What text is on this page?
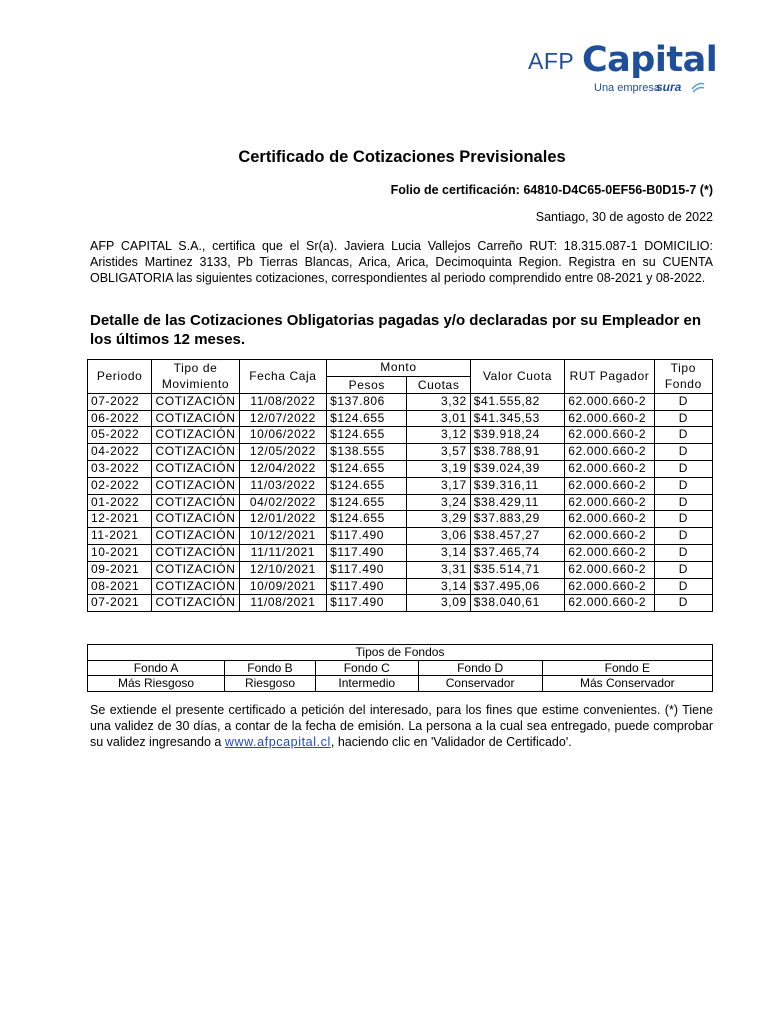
AFP Capital
Una empresa
sura
Certificado de Cotizaciones Previsionales
Folio de certificación: 64810-D4C65-0EF56-B0D15-7 (*)
Santiago, 30 de agosto de 2022
AFP CAPITAL S.A., certifica que el Sr(a). Javiera Lucia Vallejos Carreño RUT: 18.315.087-1 DOMICILIO: Aristides Martinez 3133, Pb Tierras Blancas, Arica, Arica, Decimoquinta Region. Registra en su CUENTA OBLIGATORIA las siguientes cotizaciones, correspondientes al periodo comprendido entre 08-2021 y 08-2022.
Detalle de las Cotizaciones Obligatorias pagadas y/o declaradas por su Empleador en los últimos 12 meses.
Periodo	Tipo de Movimiento	Fecha Caja	Monto		Valor Cuota	RUT Pagador	Tipo Fondo
			Pesos	Cuotas			
07-2022	COTIZACIÓN	11/08/2022	$137.806	3,32	$41.555,82	62.000.660-2	D
06-2022	COTIZACIÓN	12/07/2022	$124.655	3,01	$41.345,53	62.000.660-2	D
05-2022	COTIZACIÓN	10/06/2022	$124.655	3,12	$39.918,24	62.000.660-2	D
04-2022	COTIZACIÓN	12/05/2022	$138.555	3,57	$38.788,91	62.000.660-2	D
03-2022	COTIZACIÓN	12/04/2022	$124.655	3,19	$39.024,39	62.000.660-2	D
02-2022	COTIZACIÓN	11/03/2022	$124.655	3,17	$39.316,11	62.000.660-2	D
01-2022	COTIZACIÓN	04/02/2022	$124.655	3,24	$38.429,11	62.000.660-2	D
12-2021	COTIZACIÓN	12/01/2022	$124.655	3,29	$37.883,29	62.000.660-2	D
11-2021	COTIZACIÓN	10/12/2021	$117.490	3,06	$38.457,27	62.000.660-2	D
10-2021	COTIZACIÓN	11/11/2021	$117.490	3,14	$37.465,74	62.000.660-2	D
09-2021	COTIZACIÓN	12/10/2021	$117.490	3,31	$35.514,71	62.000.660-2	D
08-2021	COTIZACIÓN	10/09/2021	$117.490	3,14	$37.495,06	62.000.660-2	D
07-2021	COTIZACIÓN	11/08/2021	$117.490	3,09	$38.040,61	62.000.660-2	D
Tipos de Fondos				
Fondo A	Fondo B	Fondo C	Fondo D	Fondo E
Más Riesgoso	Riesgoso	Intermedio	Conservador	Más Conservador
Se extiende el presente certificado a petición del interesado, para los fines que estime convenientes. (*) Tiene una validez de 30 días, a contar de la fecha de emisión. La persona a la cual sea entregado, puede comprobar su validez ingresando a www.afpcapital.cl, haciendo clic en 'Validador de Certificado'.
